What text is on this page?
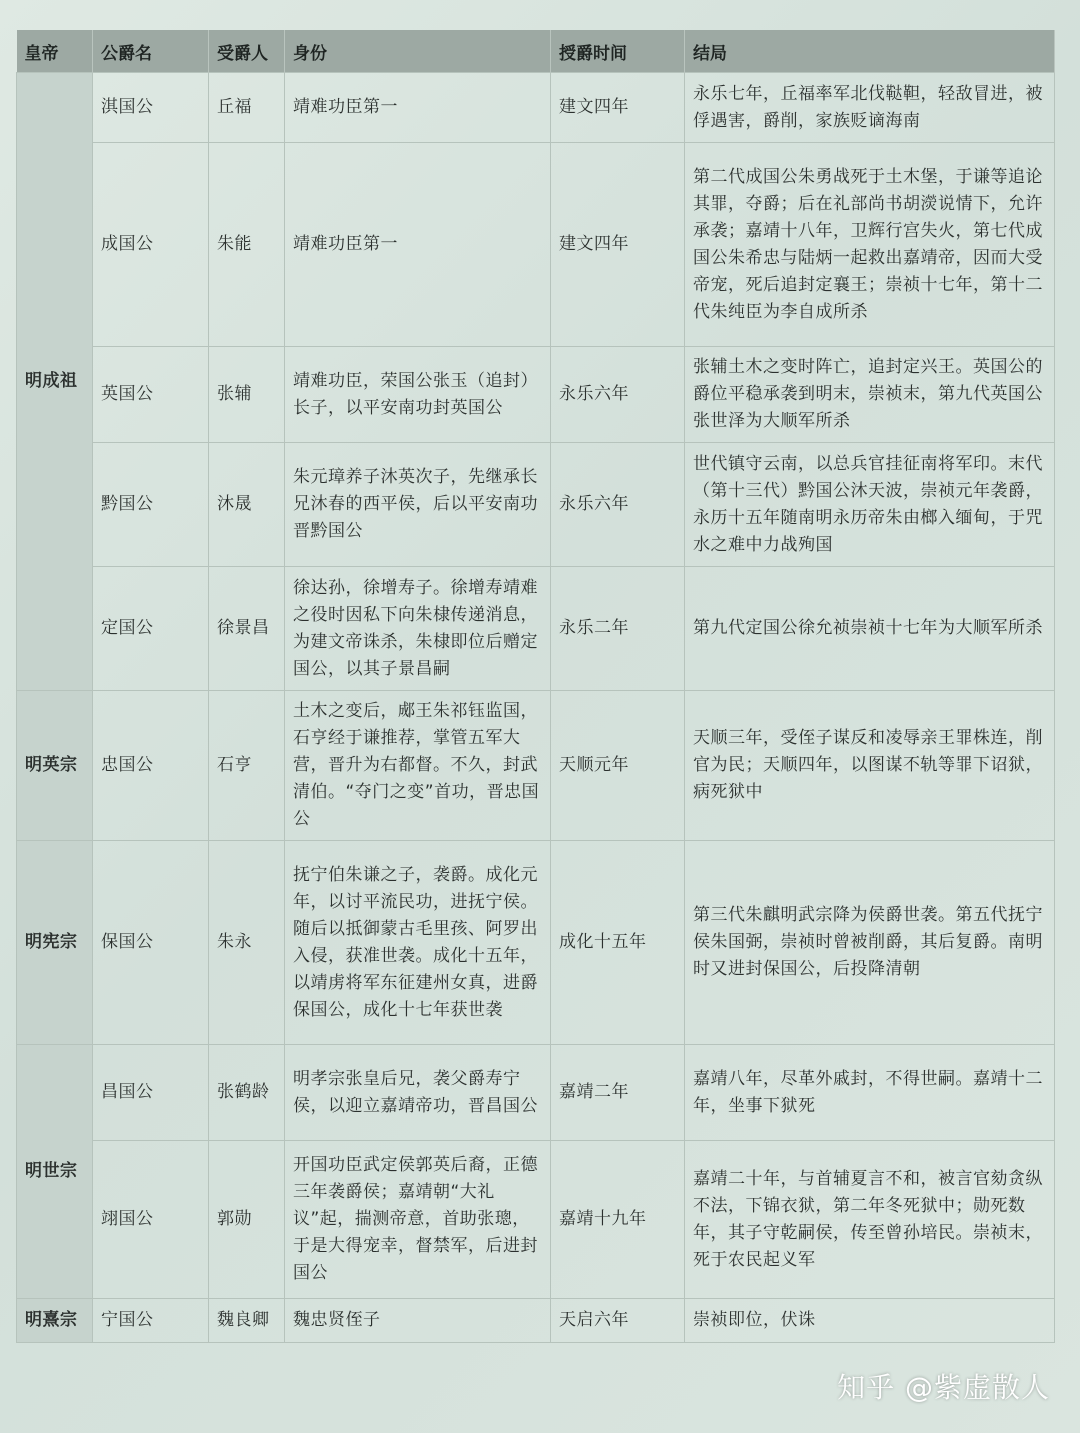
皇帝	公爵名	受爵人	身份	授爵时间	结局
明成祖	淇国公	丘福	靖难功臣第一	建文四年	永乐七年，丘福率军北伐鞑靼，轻敌冒进，被俘遇害，爵削，家族贬谪海南
	成国公	朱能	靖难功臣第一	建文四年	第二代成国公朱勇战死于土木堡，于谦等追论其罪，夺爵；后在礼部尚书胡濙说情下，允许承袭；嘉靖十八年，卫辉行宫失火，第七代成国公朱希忠与陆炳一起救出嘉靖帝，因而大受帝宠，死后追封定襄王；崇祯十七年，第十二代朱纯臣为李自成所杀
	英国公	张辅	靖难功臣，荣国公张玉（追封）长子，以平安南功封英国公	永乐六年	张辅土木之变时阵亡，追封定兴王。英国公的爵位平稳承袭到明末，崇祯末，第九代英国公张世泽为大顺军所杀
	黔国公	沐晟	朱元璋养子沐英次子，先继承长兄沐春的西平侯，后以平安南功晋黔国公	永乐六年	世代镇守云南，以总兵官挂征南将军印。末代（第十三代）黔国公沐天波，崇祯元年袭爵，永历十五年随南明永历帝朱由榔入缅甸，于咒水之难中力战殉国
	定国公	徐景昌	徐达孙，徐增寿子。徐增寿靖难之役时因私下向朱棣传递消息，为建文帝诛杀，朱棣即位后赠定国公，以其子景昌嗣	永乐二年	第九代定国公徐允祯崇祯十七年为大顺军所杀
明英宗	忠国公	石亨	土木之变后，郕王朱祁钰监国，石亨经于谦推荐，掌管五军大营，晋升为右都督。不久，封武清伯。“夺门之变”首功，晋忠国公	天顺元年	天顺三年，受侄子谋反和凌辱亲王罪株连，削官为民；天顺四年，以图谋不轨等罪下诏狱，病死狱中
明宪宗	保国公	朱永	抚宁伯朱谦之子，袭爵。成化元年，以讨平流民功，进抚宁侯。随后以抵御蒙古毛里孩、阿罗出入侵，获准世袭。成化十五年，以靖虏将军东征建州女真，进爵保国公，成化十七年获世袭	成化十五年	第三代朱麒明武宗降为侯爵世袭。第五代抚宁侯朱国弼，崇祯时曾被削爵，其后复爵。南明时又进封保国公，后投降清朝
明世宗	昌国公	张鹤龄	明孝宗张皇后兄，袭父爵寿宁侯，以迎立嘉靖帝功，晋昌国公	嘉靖二年	嘉靖八年，尽革外戚封，不得世嗣。嘉靖十二年，坐事下狱死
	翊国公	郭勋	开国功臣武定侯郭英后裔，正德三年袭爵侯；嘉靖朝“大礼议”起，揣测帝意，首助张璁，于是大得宠幸，督禁军，后进封国公	嘉靖十九年	嘉靖二十年，与首辅夏言不和，被言官劾贪纵不法，下锦衣狱，第二年冬死狱中；勋死数年，其子守乾嗣侯，传至曾孙培民。崇祯末，死于农民起义军
明熹宗	宁国公	魏良卿	魏忠贤侄子	天启六年	崇祯即位，伏诛
知乎 @紫虚散人
